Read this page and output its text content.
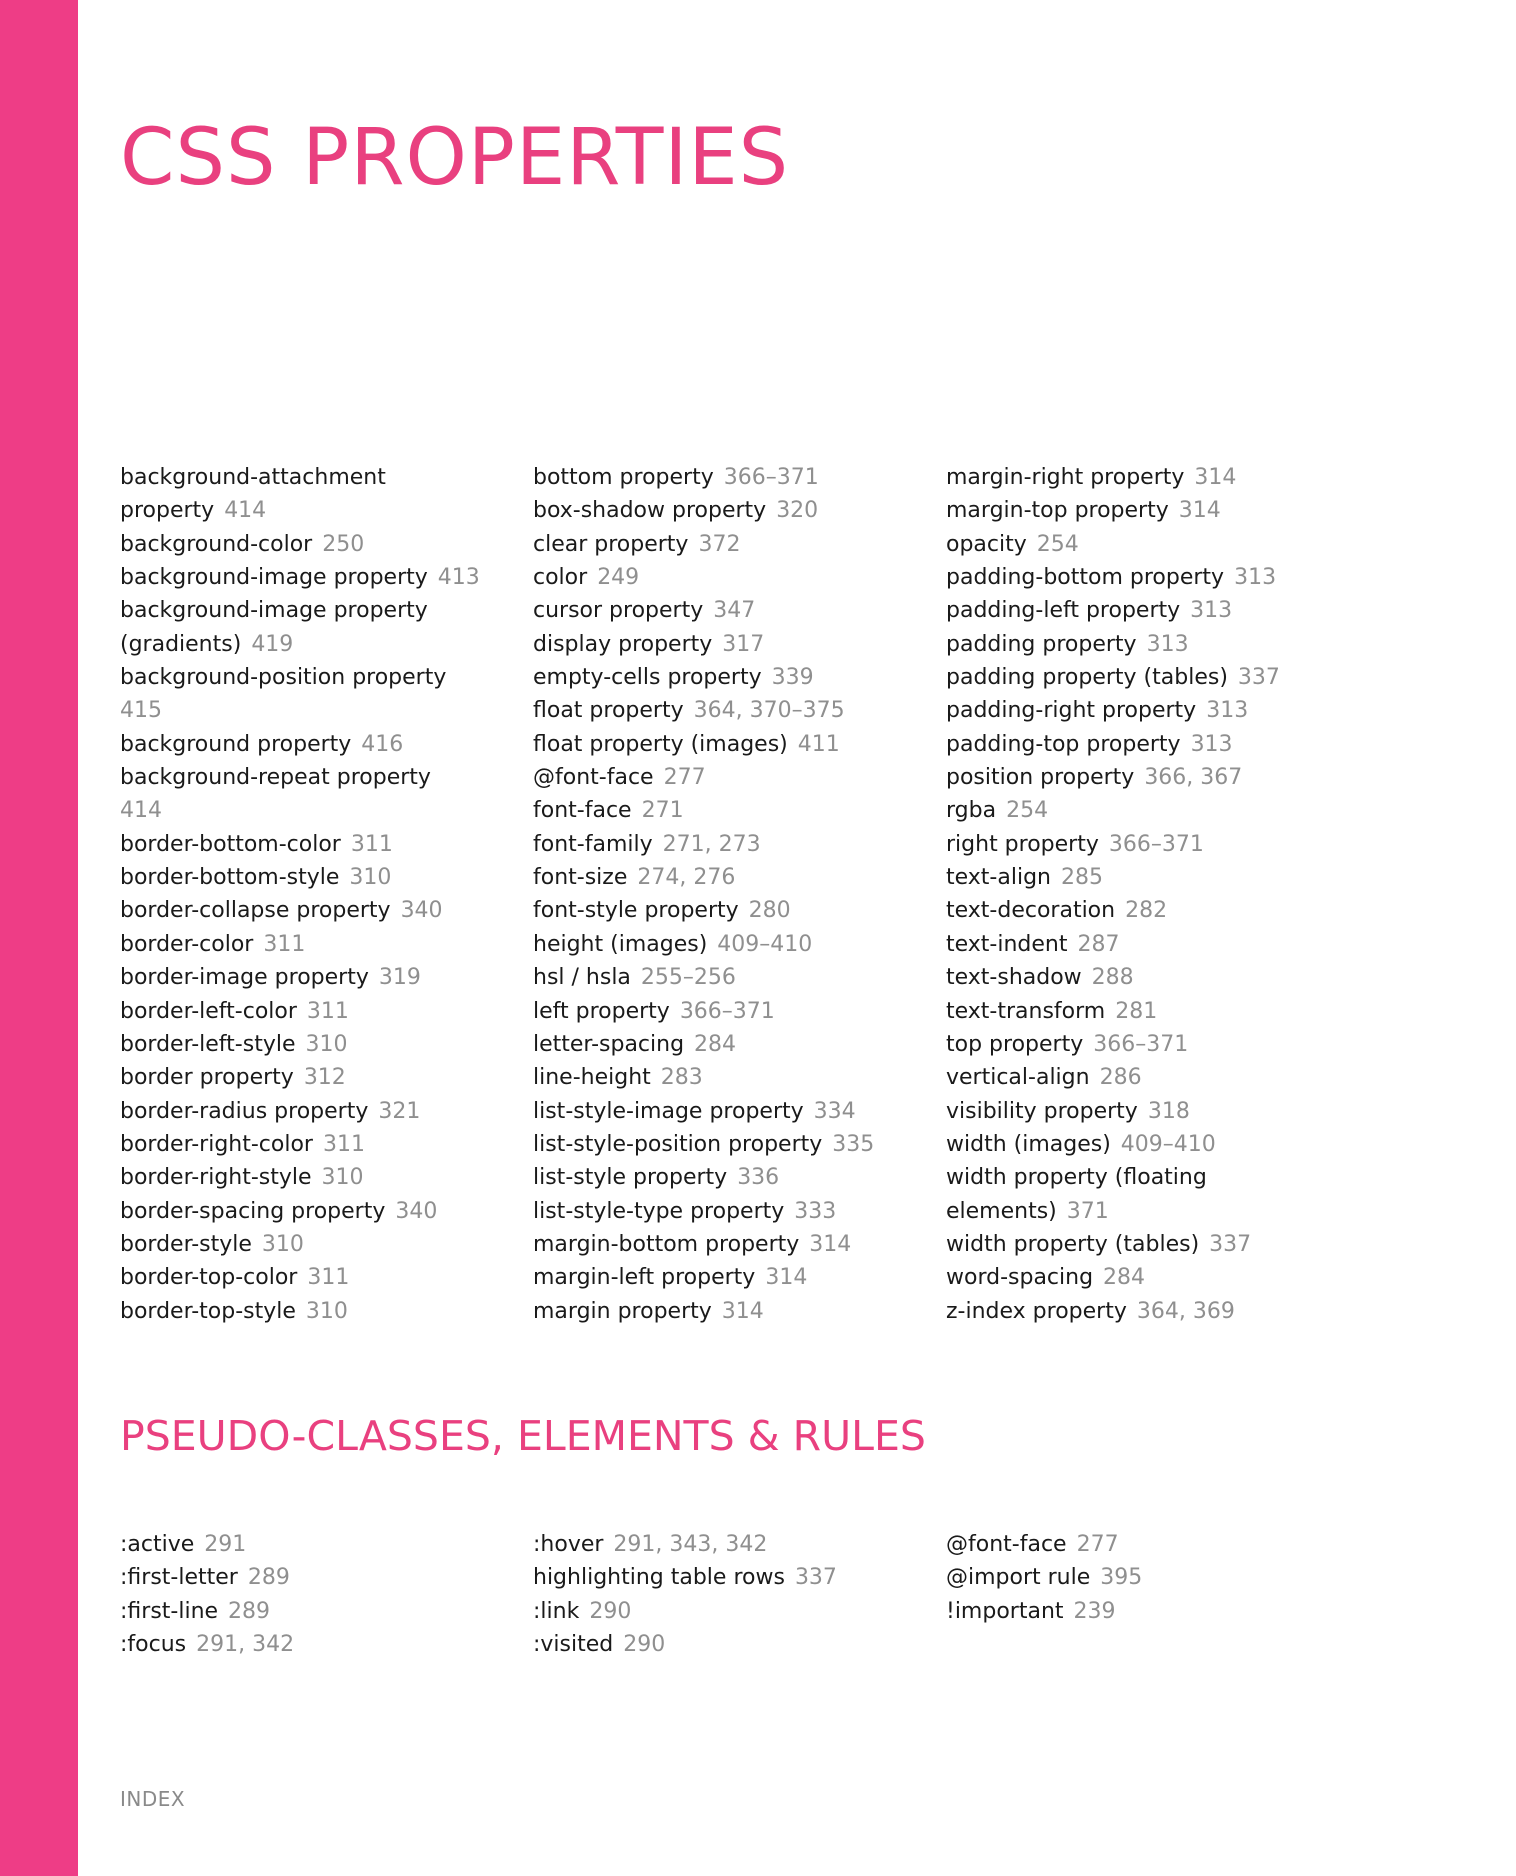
CSS PROPERTIES
background-attachment
property 414
background-color 250
background-image property 413
background-image property
(gradients) 419
background-position property
415
background property 416
background-repeat property
414
border-bottom-color 311
border-bottom-style 310
border-collapse property 340
border-color 311
border-image property 319
border-left-color 311
border-left-style 310
border property 312
border-radius property 321
border-right-color 311
border-right-style 310
border-spacing property 340
border-style 310
border-top-color 311
border-top-style 310
bottom property 366–371
box-shadow property 320
clear property 372
color 249
cursor property 347
display property 317
empty-cells property 339
float property 364, 370–375
float property (images) 411
@font-face 277
font-face 271
font-family 271, 273
font-size 274, 276
font-style property 280
height (images) 409–410
hsl / hsla 255–256
left property 366–371
letter-spacing 284
line-height 283
list-style-image property 334
list-style-position property 335
list-style property 336
list-style-type property 333
margin-bottom property 314
margin-left property 314
margin property 314
margin-right property 314
margin-top property 314
opacity 254
padding-bottom property 313
padding-left property 313
padding property 313
padding property (tables) 337
padding-right property 313
padding-top property 313
position property 366, 367
rgba 254
right property 366–371
text-align 285
text-decoration 282
text-indent 287
text-shadow 288
text-transform 281
top property 366–371
vertical-align 286
visibility property 318
width (images) 409–410
width property (floating
elements) 371
width property (tables) 337
word-spacing 284
z-index property 364, 369
PSEUDO-CLASSES, ELEMENTS & RULES
:active 291
:first-letter 289
:first-line 289
:focus 291, 342
:hover 291, 343, 342
highlighting table rows 337
:link 290
:visited 290
@font-face 277
@import rule 395
!important 239
INDEX
